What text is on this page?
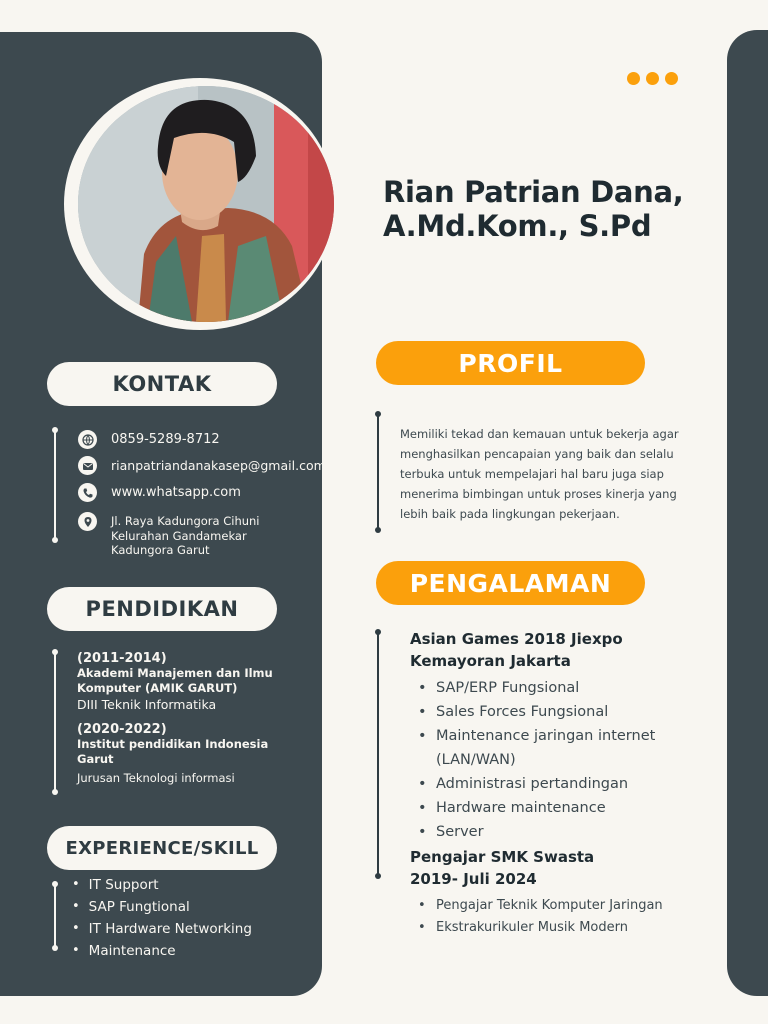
KONTAK
0859-5289-8712
rianpatriandanakasep@gmail.com
www.whatsapp.com
Jl. Raya Kadungora Cihuni
Kelurahan Gandamekar
Kadungora Garut
PENDIDIKAN
(2011-2014)
Akademi Manajemen dan Ilmu
Komputer (AMIK GARUT)
DIII Teknik Informatika
(2020-2022)
Institut pendidikan Indonesia
Garut
Jurusan Teknologi informasi
EXPERIENCE/SKILL
• IT Support
• SAP Fungtional
• IT Hardware Networking
• Maintenance
Rian Patrian Dana,
A.Md.Kom., S.Pd
PROFIL
Memiliki tekad dan kemauan untuk bekerja agar
menghasilkan pencapaian yang baik dan selalu
terbuka untuk mempelajari hal baru juga siap
menerima bimbingan untuk proses kinerja yang
lebih baik pada lingkungan pekerjaan.
PENGALAMAN
Asian Games 2018 Jiexpo
Kemayoran Jakarta
• SAP/ERP Fungsional
• Sales Forces Fungsional
• Maintenance jaringan internet
(LAN/WAN)
• Administrasi pertandingan
• Hardware maintenance
• Server
Pengajar SMK Swasta
2019- Juli 2024
• Pengajar Teknik Komputer Jaringan
• Ekstrakurikuler Musik Modern
